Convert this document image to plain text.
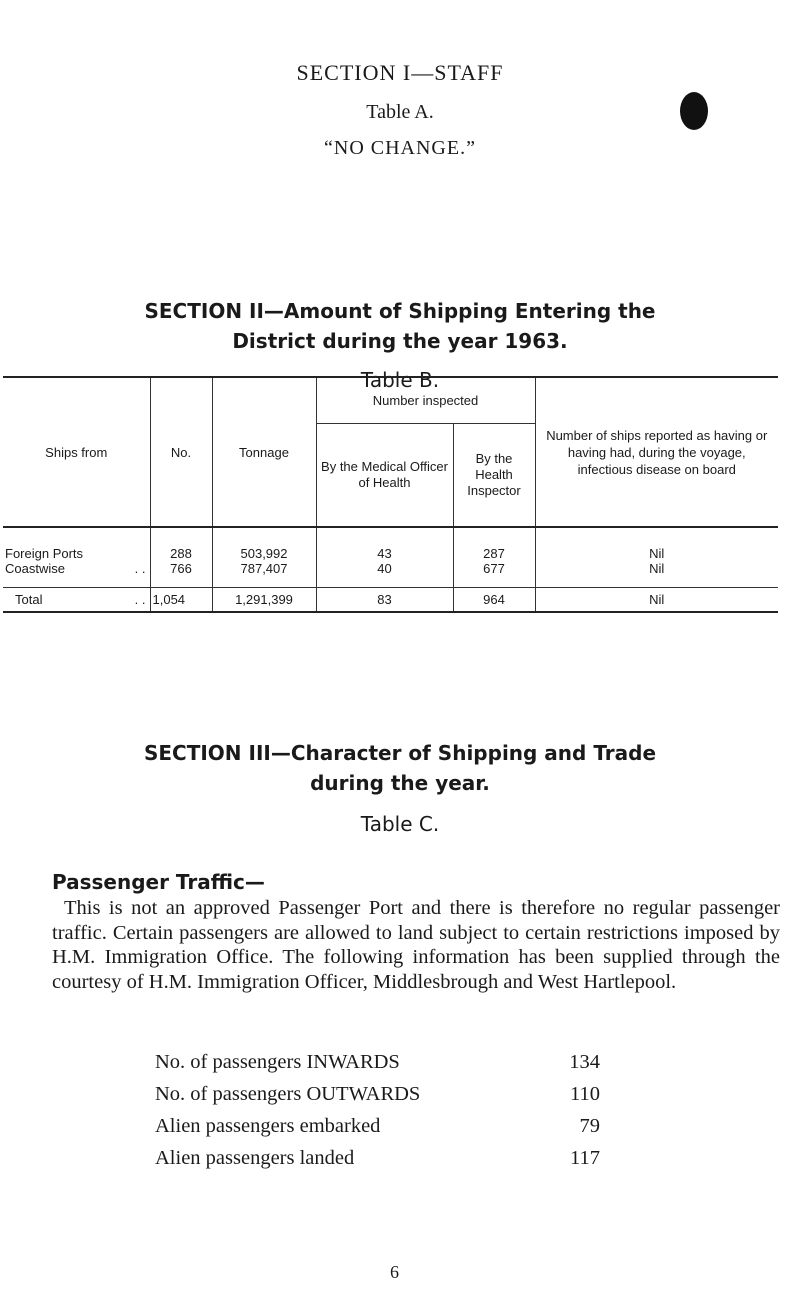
SECTION I—STAFF
Table A.
“NO CHANGE.”
SECTION II—Amount of Shipping Entering the
District during the year 1963.
Table B.
Ships from	No.	Tonnage	Number inspected		Number of ships reported as having or having had, during the voyage, infectious disease on board
			By the Medical Officer of Health	By the Health Inspector	
Foreign Ports	288	503,992	43	287	Nil
Coastwise . .	766	787,407	40	677	Nil
Total . .	1,054	1,291,399	83	964	Nil
SECTION III—Character of Shipping and Trade
during the year.
Table C.
Passenger Traffic—
This is not an approved Passenger Port and there is therefore no regular passenger traffic. Certain passengers are allowed to land subject to certain restrictions imposed by H.M. Immigration Office. The following information has been supplied through the courtesy of H.M. Immigration Officer, Middlesbrough and West Hartlepool.
No. of passengers INWARDS	134
No. of passengers OUTWARDS	110
Alien passengers embarked	79
Alien passengers landed	117
6
